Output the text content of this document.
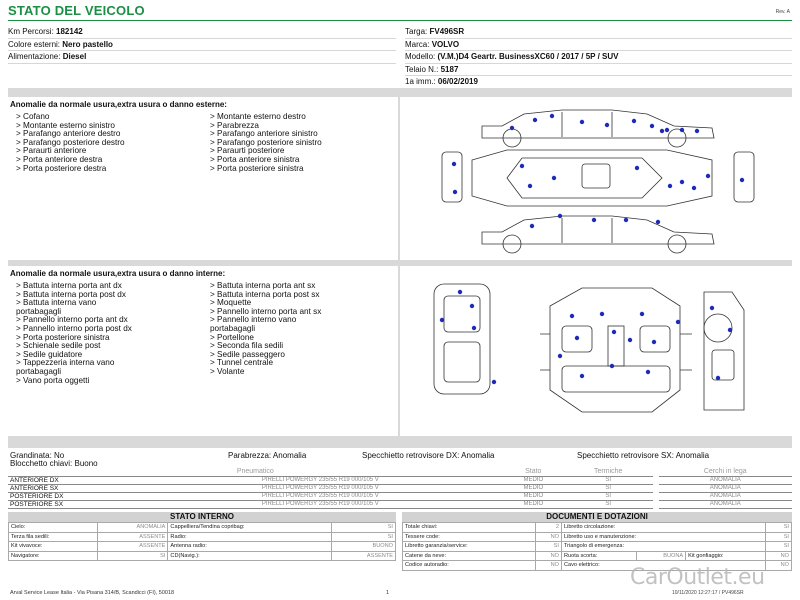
STATO DEL VEICOLO	Rev. A
Km Percorsi: 182142
Colore esterni: Nero pastello
Alimentazione: Diesel
Targa: FV496SR
Marca: VOLVO
Modello: (V.M.)D4 Geartr. BusinessXC60 / 2017 / 5P / SUV
Telaio N.: 5187
1a imm.: 06/02/2019
Anomalie da normale usura,extra usura o danno esterne:
> Cofano
> Montante esterno sinistro
> Parafango anteriore destro
> Parafango posteriore destro
> Paraurti anteriore
> Porta anteriore destra
> Porta posteriore destra
> Montante esterno destro
> Parabrezza
> Parafango anteriore sinistro
> Parafango posteriore sinistro
> Paraurti posteriore
> Porta anteriore sinistra
> Porta posteriore sinistra
Anomalie da normale usura,extra usura o danno interne:
> Battuta interna porta ant dx
> Battuta interna porta post dx
> Battuta interna vano
portabagagli
> Pannello interno porta ant dx
> Pannello interno porta post dx
> Porta posteriore sinistra
> Schienale sedile post
> Sedile guidatore
> Tappezzeria interna vano
portabagagli
> Vano porta oggetti
> Battuta interna porta ant sx
> Battuta interna porta post sx
> Moquette
> Pannello interno porta ant sx
> Pannello interno vano
portabagagli
> Portellone
> Seconda fila sedili
> Sedile passeggero
> Tunnel centrale
> Volante
Grandinata: No	Parabrezza: Anomalia	Specchietto retrovisore DX: Anomalia	Specchietto retrovisore SX: Anomalia
Blocchetto chiavi: Buono
Pneumatico		Stato	Termiche		Cerchi in lega
ANTERIORE DX	PIRELLI POWERGY 235/55 R19 000/105 V	MEDIO	SI		ANOMALIA
ANTERIORE SX	PIRELLI POWERGY 235/55 R19 000/105 V	MEDIO	SI		ANOMALIA
POSTERIORE DX	PIRELLI POWERGY 235/55 R19 000/105 V	MEDIO	SI		ANOMALIA
POSTERIORE SX	PIRELLI POWERGY 235/55 R19 000/105 V	MEDIO	SI		ANOMALIA
STATO INTERNO
Cielo:	ANOMALIA	Cappelliera/Tendina copribag:	SI
Terza fila sedili:	ASSENTE	Radio:	SI
Kit vivavoce:	ASSENTE	Antenna radio:	BUONO
Navigatore:	SI	CD(Navig.):	ASSENTE
DOCUMENTI E DOTAZIONI
Totale chiavi:	2	Libretto circolazione:			SI
Tessere code:	NO	Libretto uso e manutenzione:			SI
Libretto garanzia/service:	SI	Triangolo di emergenza:			SI
Catene da neve:	NO	Ruota scorta:	BUONA	Kit gonfiaggio:	NO
Codice autoradio:	NO	Cavo elettrico:			NO
CarOutlet.eu
Arval Service Lease Italia - Via Pisana 314/B, Scandicci (FI), 50018	1	10/11/2020 12:27:17 / PV496SR
